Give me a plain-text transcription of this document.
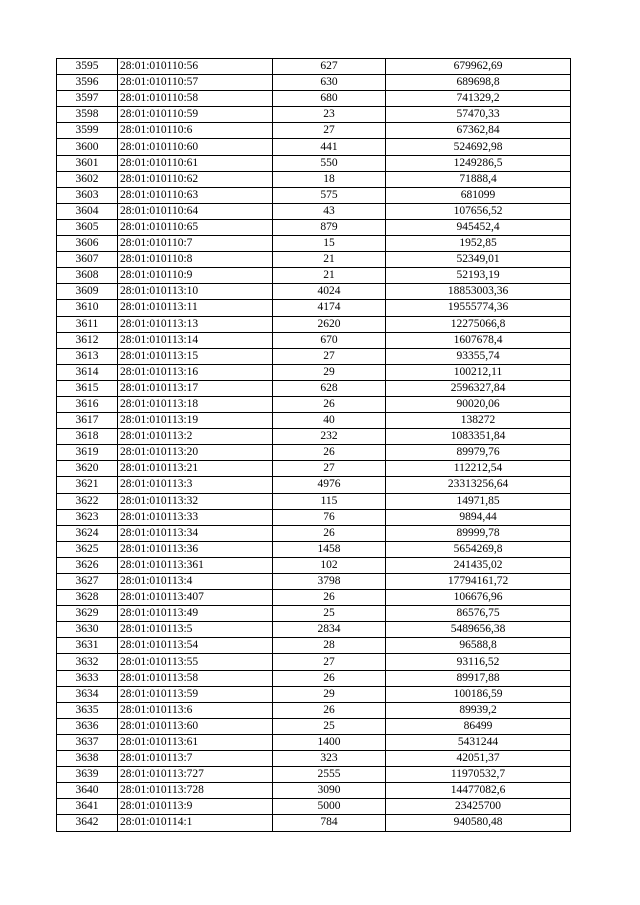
3595	28:01:010110:56	627	679962,69
3596	28:01:010110:57	630	689698,8
3597	28:01:010110:58	680	741329,2
3598	28:01:010110:59	23	57470,33
3599	28:01:010110:6	27	67362,84
3600	28:01:010110:60	441	524692,98
3601	28:01:010110:61	550	1249286,5
3602	28:01:010110:62	18	71888,4
3603	28:01:010110:63	575	681099
3604	28:01:010110:64	43	107656,52
3605	28:01:010110:65	879	945452,4
3606	28:01:010110:7	15	1952,85
3607	28:01:010110:8	21	52349,01
3608	28:01:010110:9	21	52193,19
3609	28:01:010113:10	4024	18853003,36
3610	28:01:010113:11	4174	19555774,36
3611	28:01:010113:13	2620	12275066,8
3612	28:01:010113:14	670	1607678,4
3613	28:01:010113:15	27	93355,74
3614	28:01:010113:16	29	100212,11
3615	28:01:010113:17	628	2596327,84
3616	28:01:010113:18	26	90020,06
3617	28:01:010113:19	40	138272
3618	28:01:010113:2	232	1083351,84
3619	28:01:010113:20	26	89979,76
3620	28:01:010113:21	27	112212,54
3621	28:01:010113:3	4976	23313256,64
3622	28:01:010113:32	115	14971,85
3623	28:01:010113:33	76	9894,44
3624	28:01:010113:34	26	89999,78
3625	28:01:010113:36	1458	5654269,8
3626	28:01:010113:361	102	241435,02
3627	28:01:010113:4	3798	17794161,72
3628	28:01:010113:407	26	106676,96
3629	28:01:010113:49	25	86576,75
3630	28:01:010113:5	2834	5489656,38
3631	28:01:010113:54	28	96588,8
3632	28:01:010113:55	27	93116,52
3633	28:01:010113:58	26	89917,88
3634	28:01:010113:59	29	100186,59
3635	28:01:010113:6	26	89939,2
3636	28:01:010113:60	25	86499
3637	28:01:010113:61	1400	5431244
3638	28:01:010113:7	323	42051,37
3639	28:01:010113:727	2555	11970532,7
3640	28:01:010113:728	3090	14477082,6
3641	28:01:010113:9	5000	23425700
3642	28:01:010114:1	784	940580,48
